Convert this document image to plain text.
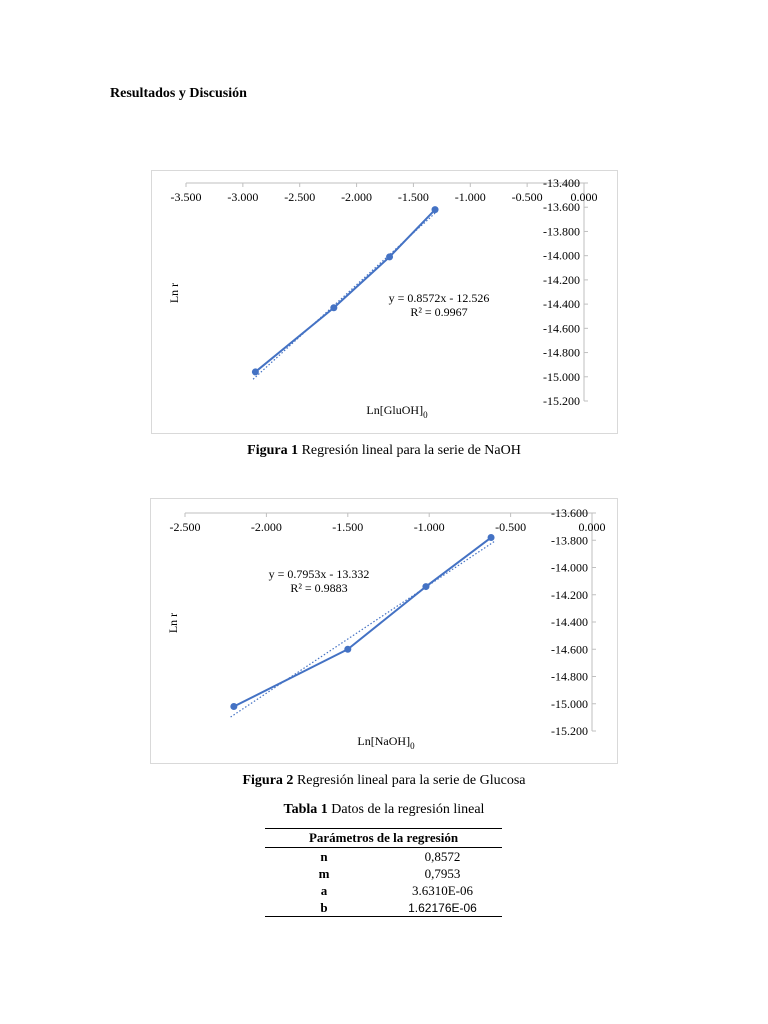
Resultados y Discusión
-3.500 -3.000 -2.500 -2.000 -1.500 -1.000 -0.500 0.000
-13.400
-13.600
-13.800
-14.000
-14.200
-14.400
-14.600
-14.800
-15.000
-15.200
y = 0.8572x - 12.526
R² = 0.9967
$Ln[GluOH]_0$
Ln r
Figura 1 Regresión lineal para la serie de NaOH
-2.500	-2.000	-1.500	-1.000	-0.500	0.000
-13.600
-13.800
-14.000
-14.200
-14.400
-14.600
-14.800
-15.000
-15.200
y = 0.7953x - 13.332
R² = 0.9883
$Ln[NaOH]_0$
Ln r
Figura 2 Regresión lineal para la serie de Glucosa
Tabla 1 Datos de la regresión lineal
Parámetros de la regresión	
n	0,8572
m	0,7953
a	3.6310E-06
b	1.62176E-06
